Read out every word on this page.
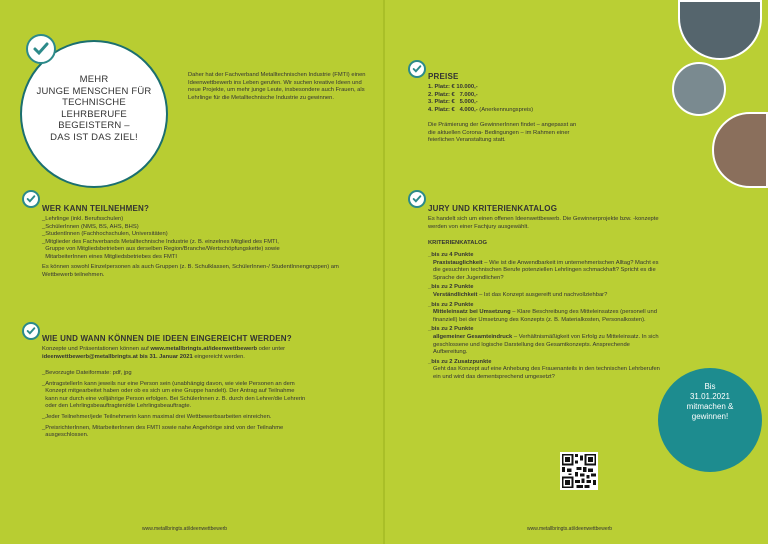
MEHR
JUNGE MENSCHEN FÜR
TECHNISCHE LEHRBERUFE
BEGEISTERN –
DAS IST DAS ZIEL!
Daher hat der Fachverband Metalltechnischen Industrie (FMTI) einen Ideenwettbewerb ins Leben gerufen. Wir suchen kreative Ideen und neue Projekte, um mehr junge Leute, insbesondere auch Frauen, als Lehrlinge für die Metalltechnische Industrie zu gewinnen.
WER KANN TEILNEHMEN?
_Lehrlinge (inkl. Berufsschulen)
_SchülerInnen (NMS, BS, AHS, BHS)
_StudentInnen (Fachhochschulen, Universitäten)
_Mitglieder des Fachverbands Metalltechnische Industrie (z. B. einzelnes Mitglied des FMTI,
Gruppe von Mitgliedsbetrieben aus derselben Region/Branche/Wertschöpfungskette) sowie
MitarbeiterInnen eines Mitgliedsbetriebes des FMTI
Es können sowohl Einzelpersonen als auch Gruppen (z. B. Schulklassen, SchülerInnen-/ StudentInnengruppen) am Wettbewerb teilnehmen.
WIE UND WANN KÖNNEN DIE IDEEN EINGEREICHT WERDEN?
Konzepte und Präsentationen können auf www.metallbringts.at/ideenwettbewerb oder unter
ideenwettbewerb@metallbringts.at bis 31. Januar 2021 eingereicht werden.
_Bevorzugte Dateiformate: pdf, jpg
_AntragstellerIn kann jeweils nur eine Person sein (unabhängig davon, wie viele Personen an dem
Konzept mitgearbeitet haben oder ob es sich um eine Gruppe handelt). Der Antrag auf Teilnahme
kann nur durch eine volljährige Person erfolgen. Bei SchülerInnen z. B. durch den Lehrer/die Lehrerin
oder den Lehrlingsbeauftragten/die Lehrlingsbeauftragte.
_Jeder Teilnehmer/jede Teilnehmerin kann maximal drei Wettbewerbsarbeiten einreichen.
_PreisrichterInnen, MitarbeiterInnen des FMTI sowie nahe Angehörige sind von der Teilnahme
ausgeschlossen.
www.metallbringts.at/ideenwettbewerb
PREISE
1. Platz: € 10.000,-
2. Platz: €   7.000,-
3. Platz: €   5.000,-
4. Platz: €   4.000,- (Anerkennungspreis)
Die Prämierung der GewinnerInnen findet – angepasst an die aktuellen Corona- Bedingungen – im Rahmen einer feierlichen Veranstaltung statt.
JURY UND KRITERIENKATALOG
Es handelt sich um einen offenen Ideenwettbewerb. Die Gewinnerprojekte bzw. -konzepte werden von einer Fachjury ausgewählt.
KRITERIENKATALOG
_bis zu 4 Punkte
Praxistauglichkeit – Wie ist die Anwendbarkeit im unternehmerischen Alltag? Macht es die gesuchten technischen Berufe potenziellen Lehrlingen schmackhaft? Spricht es die Sprache der Jugendlichen?
_bis zu 2 Punkte
Verständlichkeit – Ist das Konzept ausgereift und nachvollziehbar?
_bis zu 2 Punkte
Mitteleinsatz bei Umsetzung – Klare Beschreibung des Mitteleinsatzes (personell und finanziell) bei der Umsetzung des Konzepts (z. B. Materialkosten, Personalkosten).
_bis zu 2 Punkte
allgemeiner Gesamteindruck – Verhältnismäßigkeit von Erfolg zu Mitteleinsatz. In sich geschlossene und logische Darstellung des Gesamtkonzepts. Ansprechende Aufbereitung.
_bis zu 2 Zusatzpunkte
Geht das Konzept auf eine Anhebung des Frauenanteils in den technischen Lehrberufen ein und wird das dementsprechend umgesetzt?
Bis
31.01.2021
mitmachen &
gewinnen!
www.metallbringts.at/ideenwettbewerb
